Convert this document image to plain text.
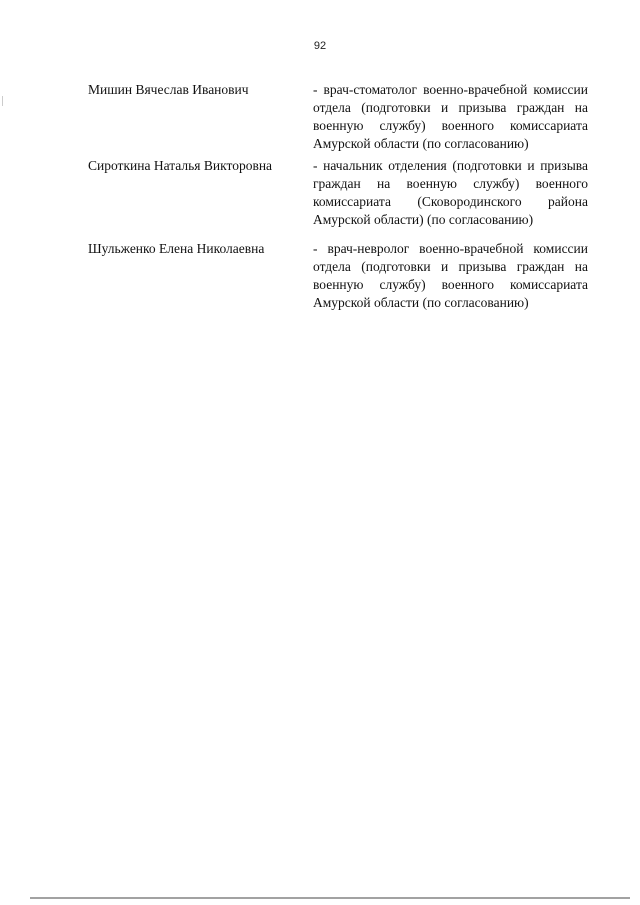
92
Мишин Вячеслав Иванович	- врач-стоматолог военно-врачебной комиссии отдела (подготовки и призыва граждан на военную службу) военного комиссариата Амурской области (по согласованию)
Сироткина Наталья Викторовна	- начальник отделения (подготовки и призыва граждан на военную службу) военного комиссариата (Сковородинского района Амурской области) (по согласованию)
Шульженко Елена Николаевна	- врач-невролог военно-врачебной комиссии отдела (подготовки и призыва граждан на военную службу) военного комиссариата Амурской области (по согласованию)
